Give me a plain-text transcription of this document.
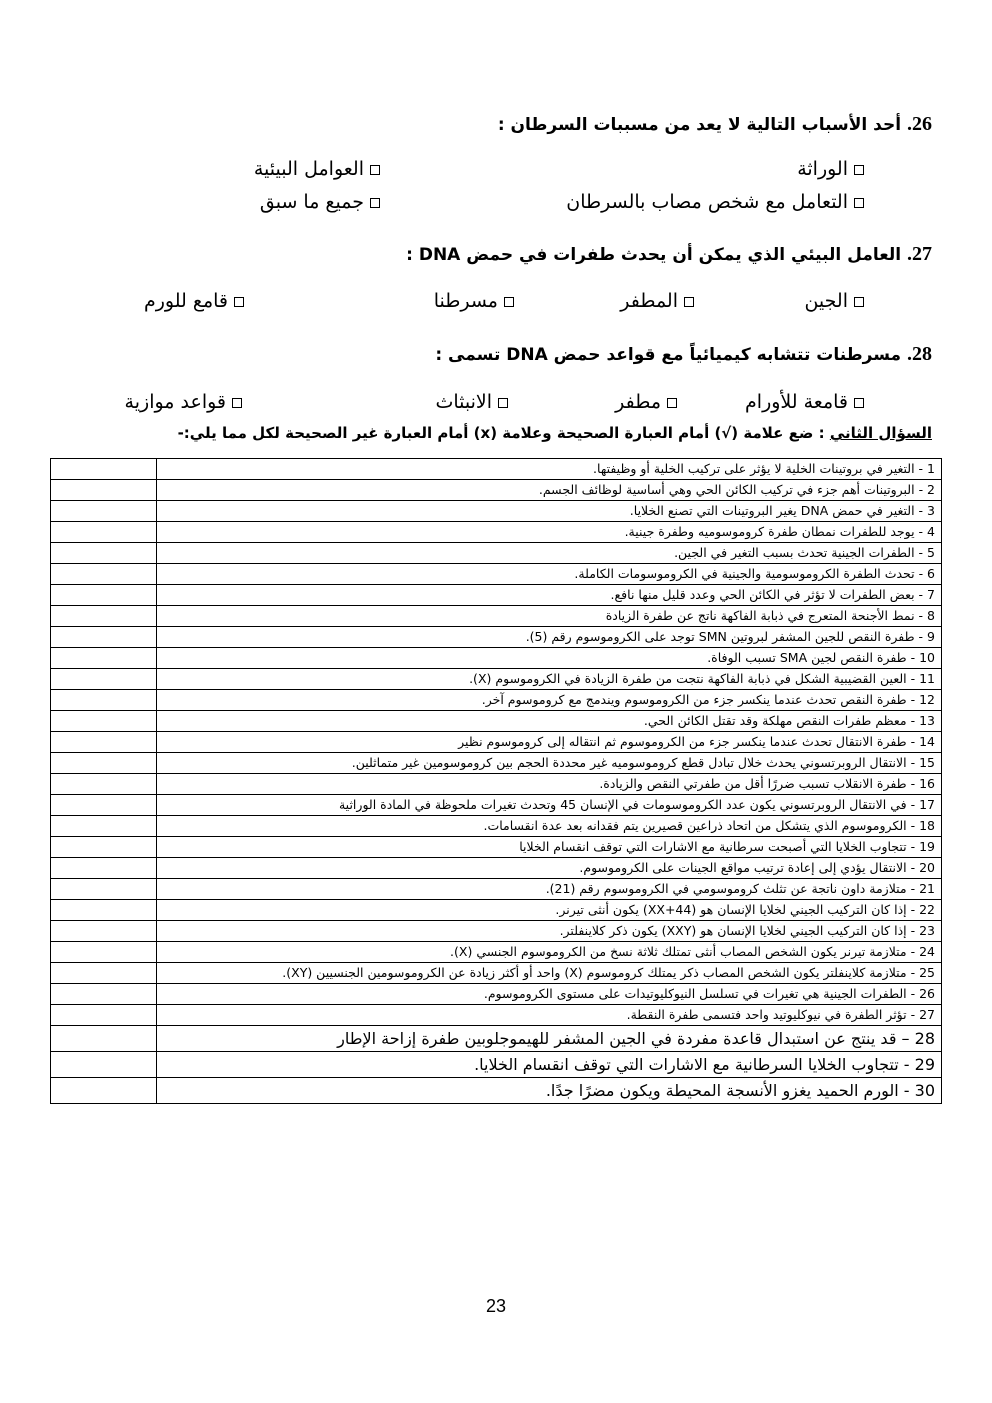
26. أحد الأسباب التالية لا يعد من مسببات السرطان :
الوراثة
العوامل البيئية
التعامل مع شخص مصاب بالسرطان
جميع ما سبق
27. العامل البيئي الذي يمكن أن يحدث طفرات في حمض DNA :
الجين
المطفر
مسرطنا
قامع للورم
28. مسرطنات تتشابه كيميائياً مع قواعد حمض DNA تسمى :
قامعة للأورام
مطفر
الانبثاث
قواعد موازية
السؤال الثاني : ضع علامة (√) أمام العبارة الصحيحة وعلامة (x) أمام العبارة غير الصحيحة لكل مما يلي:-
1 - التغير في بروتينات الخلية لا يؤثر على تركيب الخلية أو وظيفتها.	
2 - البروتينات أهم جزء في تركيب الكائن الحي وهي أساسية لوظائف الجسم.	
3 - التغير في حمض DNA يغير البروتينات التي تصنع الخلايا.	
4 - يوجد للطفرات نمطان طفرة كروموسوميه وطفرة جينية.	
5 - الطفرات الجينية تحدث بسبب التغير في الجين.	
6 - تحدث الطفرة الكروموسومية والجينية في الكروموسومات الكاملة.	
7 - بعض الطفرات لا تؤثر في الكائن الحي وعدد قليل منها نافع.	
8 - نمط الأجنحة المتعرج في ذبابة الفاكهة ناتج عن طفرة الزيادة	
9 - طفرة النقص للجين المشفر لبروتين SMN توجد على الكروموسوم رقم (5).	
10 - طفرة النقص لجين SMA تسبب الوفاة.	
11 - العين القضيبية الشكل في ذبابة الفاكهة نتجت من طفرة الزيادة في الكروموسوم (X).	
12 - طفرة النقص تحدث عندما ينكسر جزء من الكروموسوم ويندمج مع كروموسوم آخر.	
13 - معظم طفرات النقص مهلكة وقد تقتل الكائن الحي.	
14 - طفرة الانتقال تحدث عندما ينكسر جزء من الكروموسوم ثم انتقاله إلى كروموسوم نظير	
15 - الانتقال الروبرتسوني يحدث خلال تبادل قطع كروموسوميه غير محددة الحجم بين كروموسومين غير متماثلين.	
16 - طفرة الانقلاب تسبب ضررًا أقل من طفرتي النقص والزيادة.	
17 - في الانتقال الروبرتسوني يكون عدد الكروموسومات في الإنسان 45 وتحدث تغيرات ملحوظة في المادة الوراثية	
18 - الكروموسوم الذي يتشكل من اتحاد ذراعين قصيرين يتم فقدانه بعد عدة انقسامات.	
19 - تتجاوب الخلايا التي أصبحت سرطانية مع الاشارات التي توقف انقسام الخلايا	
20 - الانتقال يؤدي إلى إعادة ترتيب مواقع الجينات على الكروموسوم.	
21 - متلازمة داون ناتجة عن تثلث كروموسومي في الكروموسوم رقم (21).	
22 - إذا كان التركيب الجيني لخلايا الإنسان هو (XX+44) يكون أنثى تيرنر.	
23 - إذا كان التركيب الجيني لخلايا الإنسان هو (XXY) يكون ذكر كلاينفلتر.	
24 - متلازمة تيرنر يكون الشخص المصاب أنثى تمتلك ثلاثة نسخ من الكروموسوم الجنسي (X).	
25 - متلازمة كلاينفلتر يكون الشخص المصاب ذكر يمتلك كروموسوم (X) واحد أو أكثر زيادة عن الكروموسومين الجنسيين (XY).	
26 - الطفرات الجينية هي تغيرات في تسلسل النيوكليوتيدات على مستوى الكروموسوم.	
27 - تؤثر الطفرة في نيوكليوتيد واحد فتسمى طفرة النقطة.	
28 – قد ينتج عن استبدال قاعدة مفردة في الجين المشفر للهيموجلوبين طفرة إزاحة الإطار	
29 - تتجاوب الخلايا السرطانية مع الاشارات التي توقف انقسام الخلايا.	
30 - الورم الحميد يغزو الأنسجة المحيطة ويكون مضرًا جدًا.	
23
